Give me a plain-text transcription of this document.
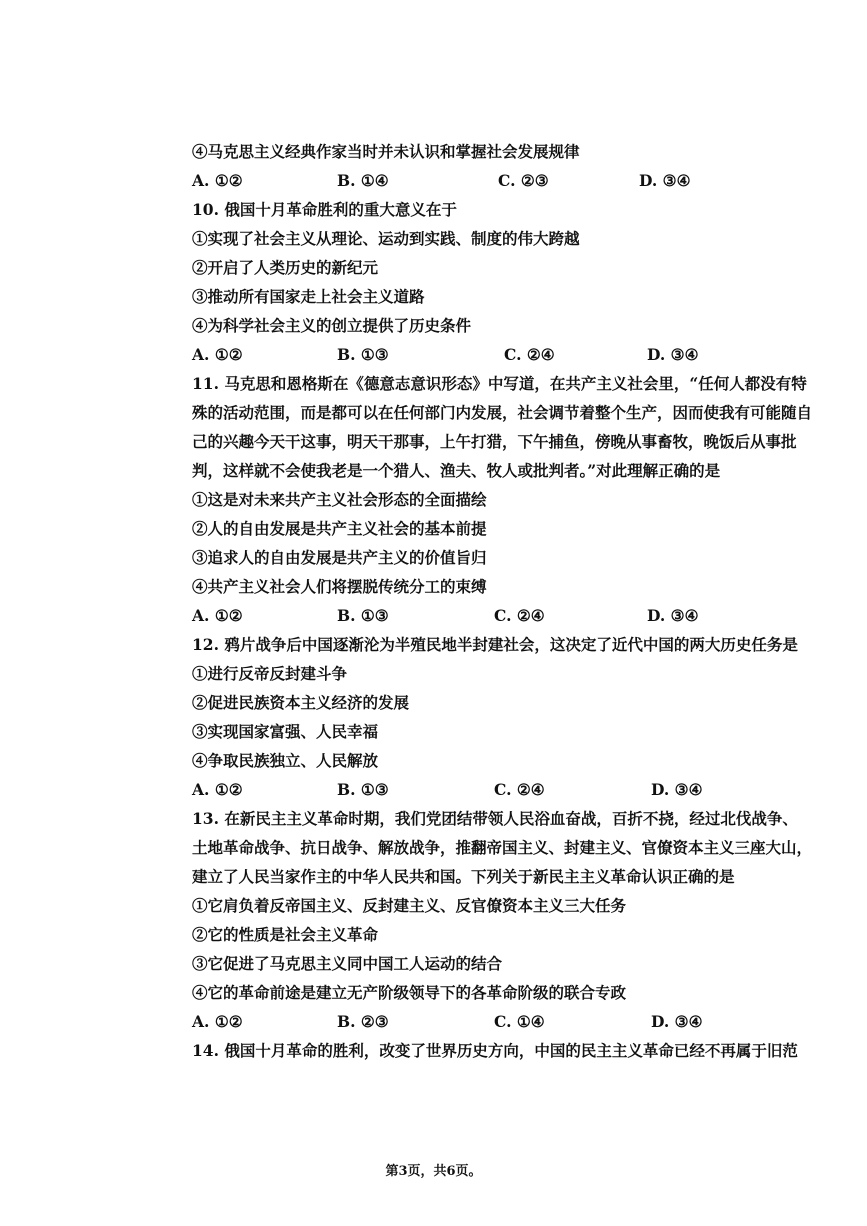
④马克思主义经典作家当时并未认识和掌握社会发展规律
A. ①②	B. ①④	C. ②③	D. ③④
10. 俄国十月革命胜利的重大意义在于
①实现了社会主义从理论、运动到实践、制度的伟大跨越
②开启了人类历史的新纪元
③推动所有国家走上社会主义道路
④为科学社会主义的创立提供了历史条件
A. ①②	B. ①③	C. ②④	D. ③④
11. 马克思和恩格斯在《德意志意识形态》中写道，在共产主义社会里，“任何人都没有特殊的活动范围，而是都可以在任何部门内发展，社会调节着整个生产，因而使我有可能随自己的兴趣今天干这事，明天干那事，上午打猎，下午捕鱼，傍晚从事畜牧，晚饭后从事批判，这样就不会使我老是一个猎人、渔夫、牧人或批判者。”对此理解正确的是
①这是对未来共产主义社会形态的全面描绘
②人的自由发展是共产主义社会的基本前提
③追求人的自由发展是共产主义的价值旨归
④共产主义社会人们将摆脱传统分工的束缚
A. ①②	B. ①③	C. ②④	D. ③④
12. 鸦片战争后中国逐渐沦为半殖民地半封建社会，这决定了近代中国的两大历史任务是
①进行反帝反封建斗争
②促进民族资本主义经济的发展
③实现国家富强、人民幸福
④争取民族独立、人民解放
A. ①②	B. ①③	C. ②④	D. ③④
13. 在新民主主义革命时期，我们党团结带领人民浴血奋战，百折不挠，经过北伐战争、土地革命战争、抗日战争、解放战争，推翻帝国主义、封建主义、官僚资本主义三座大山，建立了人民当家作主的中华人民共和国。下列关于新民主主义革命认识正确的是
①它肩负着反帝国主义、反封建主义、反官僚资本主义三大任务
②它的性质是社会主义革命
③它促进了马克思主义同中国工人运动的结合
④它的革命前途是建立无产阶级领导下的各革命阶级的联合专政
A. ①②	B. ②③	C. ①④	D. ③④
14. 俄国十月革命的胜利，改变了世界历史方向，中国的民主主义革命已经不再属于旧范
第3页，共6页。
